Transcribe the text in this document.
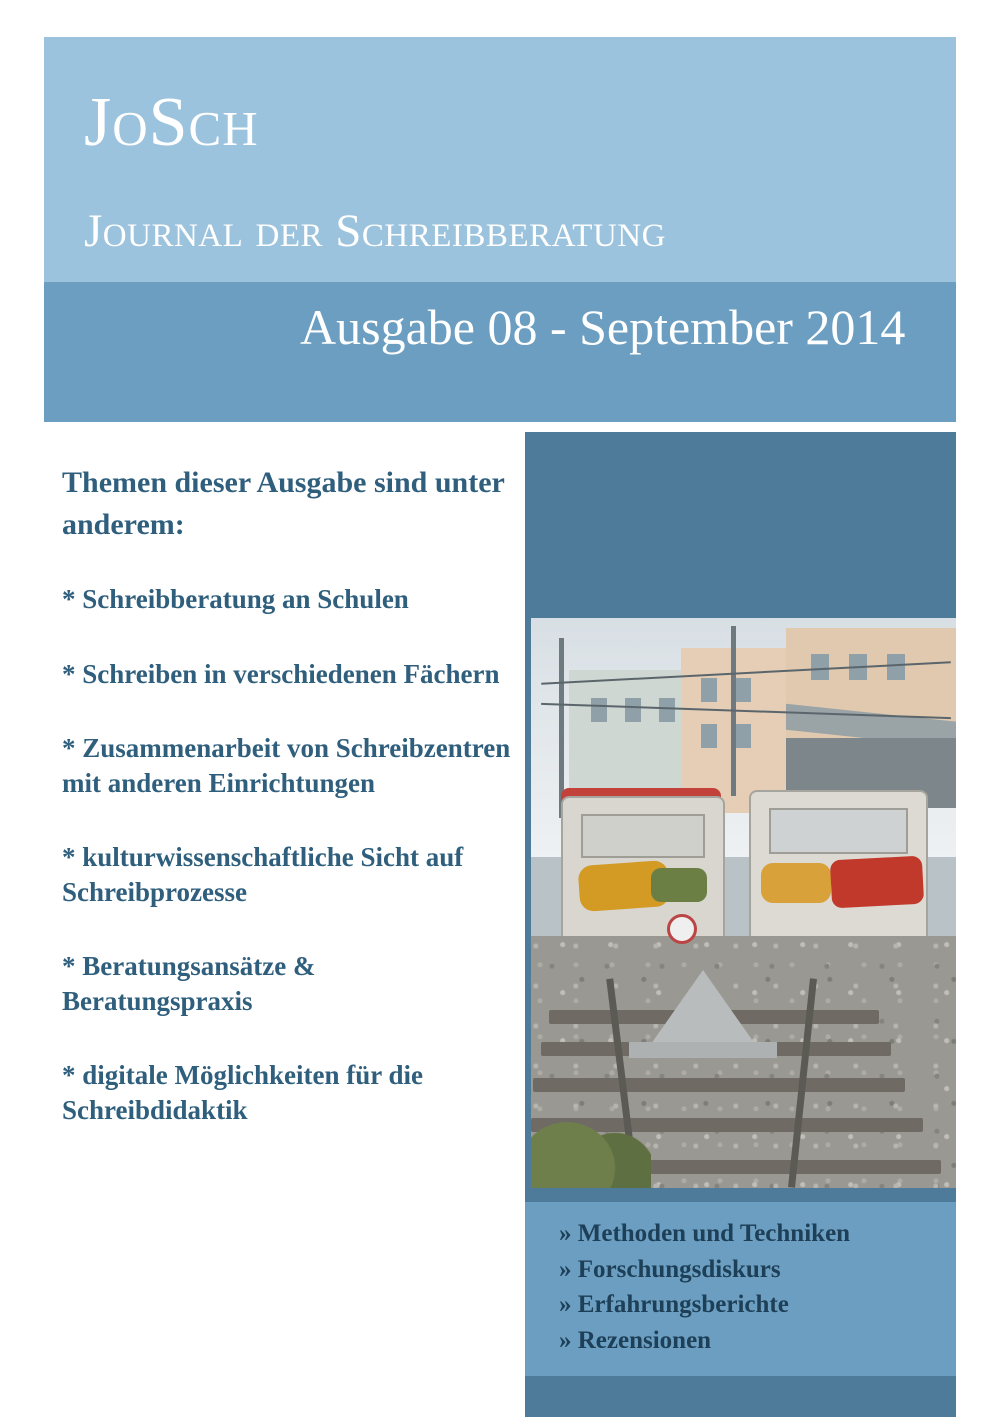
JoSch
Journal der Schreibberatung
Ausgabe 08 - September 2014
Themen dieser Ausgabe sind unter anderem:
* Schreibberatung an Schulen
* Schreiben in verschiedenen Fächern
* Zusammenarbeit von Schreibzentren mit anderen Einrichtungen
* kulturwissenschaftliche Sicht auf Schreibprozesse
* Beratungsansätze & Beratungspraxis
* digitale Möglichkeiten für die Schreibdidaktik
» Methoden und Techniken
» Forschungsdiskurs
» Erfahrungsberichte
» Rezensionen
